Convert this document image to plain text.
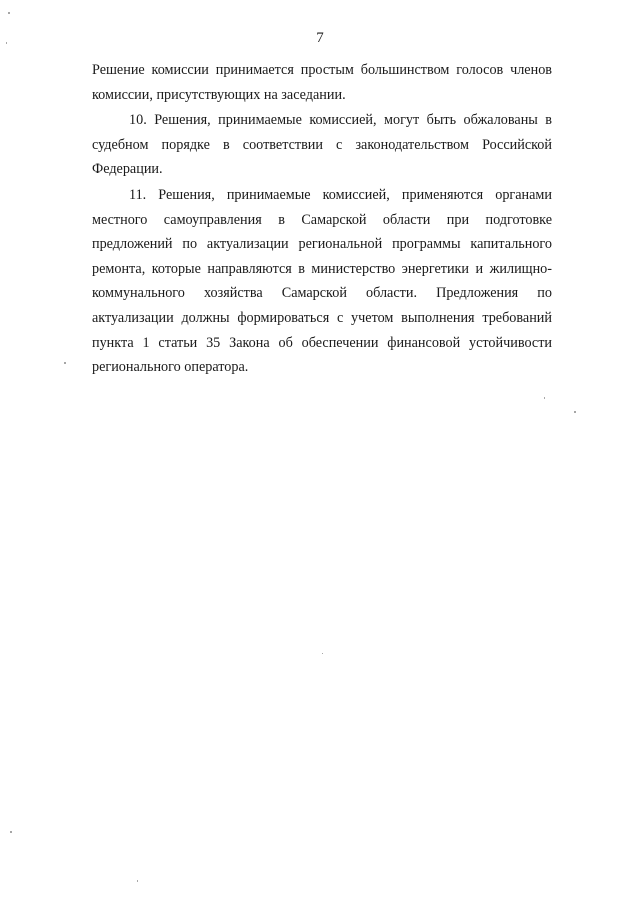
7
Решение комиссии принимается простым большинством голосов членов
комиссии, присутствующих на заседании.
10. Решения, принимаемые комиссией, могут быть обжалованы в
судебном порядке в соответствии с законодательством Российской
Федерации.
11. Решения, принимаемые комиссией, применяются органами
местного самоуправления в Самарской области при подготовке
предложений по актуализации региональной программы капитального
ремонта, которые направляются в министерство энергетики и жилищно-
коммунального хозяйства Самарской области. Предложения по
актуализации должны формироваться с учетом выполнения требований
пункта 1 статьи 35 Закона об обеспечении финансовой устойчивости
регионального оператора.
